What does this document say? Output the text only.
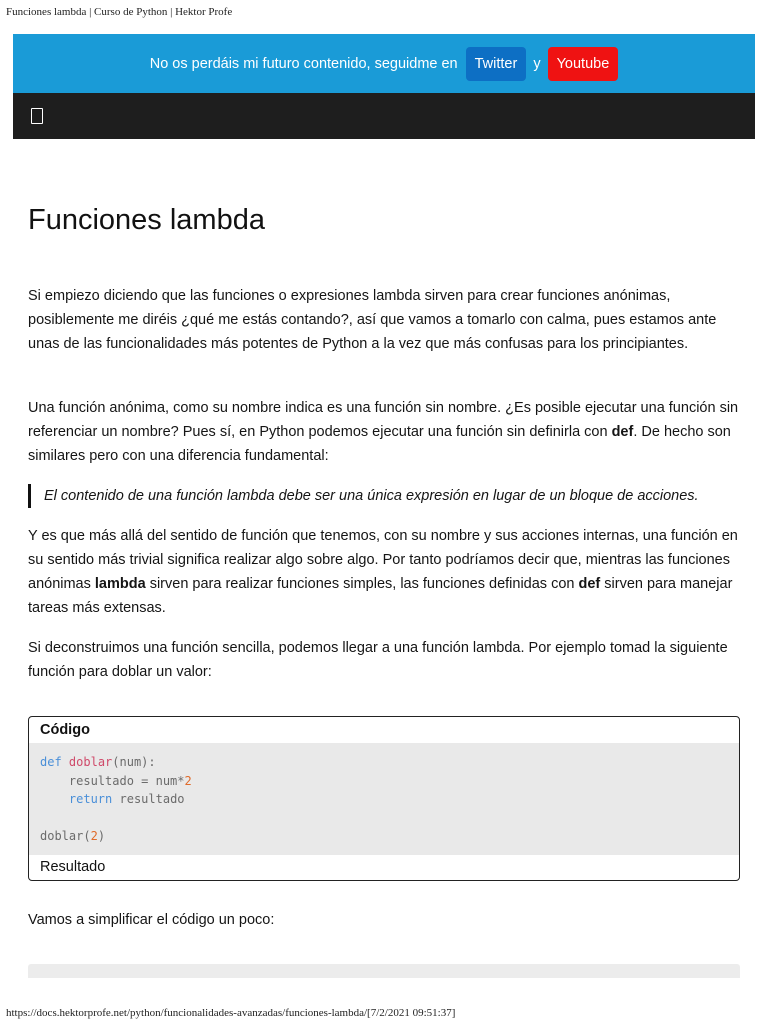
Funciones lambda | Curso de Python | Hektor Profe
No os perdáis mi futuro contenido, seguidme en	Twitter	y	Youtube
Funciones lambda

Si empiezo diciendo que las funciones o expresiones lambda sirven para crear funciones anónimas, posiblemente me diréis ¿qué me estás contando?, así que vamos a tomarlo con calma, pues estamos ante unas de las funcionalidades más potentes de Python a la vez que más confusas para los principiantes.

Una función anónima, como su nombre indica es una función sin nombre. ¿Es posible ejecutar una función sin referenciar un nombre? Pues sí, en Python podemos ejecutar una función sin definirla con def. De hecho son similares pero con una diferencia fundamental:

El contenido de una función lambda debe ser una única expresión en lugar de un bloque de acciones.

Y es que más allá del sentido de función que tenemos, con su nombre y sus acciones internas, una función en su sentido más trivial significa realizar algo sobre algo. Por tanto podríamos decir que, mientras las funciones anónimas lambda sirven para realizar funciones simples, las funciones definidas con def sirven para manejar tareas más extensas.

Si deconstruimos una función sencilla, podemos llegar a una función lambda. Por ejemplo tomad la siguiente función para doblar un valor:

Código
def doblar(num):
resultado = num*2
return resultado

doblar(2)
Resultado

Vamos a simplificar el código un poco:

https://docs.hektorprofe.net/python/funcionalidades-avanzadas/funciones-lambda/[7/2/2021 09:51:37]
